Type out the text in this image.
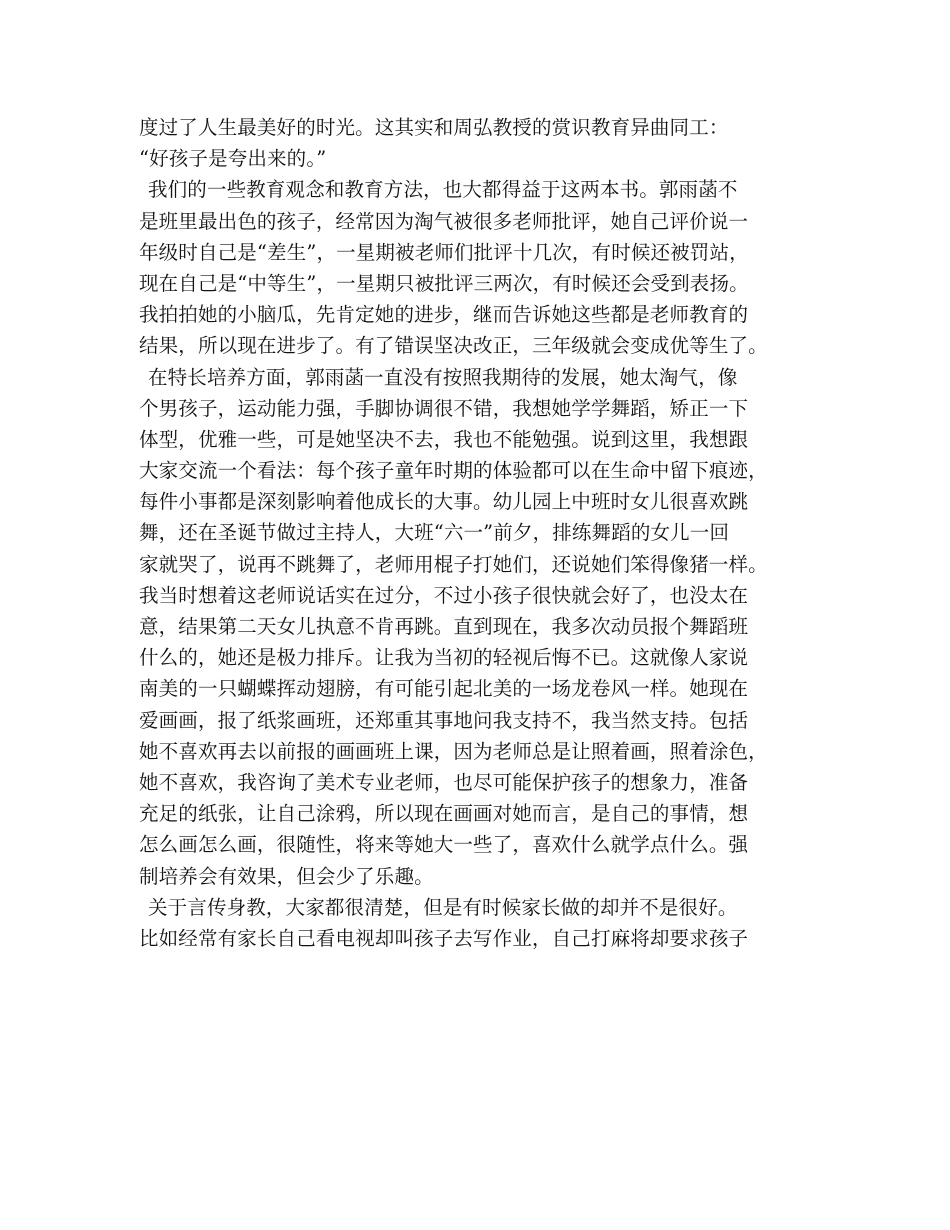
度过了人生最美好的时光。这其实和周弘教授的赏识教育异曲同工：
“好孩子是夸出来的。”
我们的一些教育观念和教育方法，也大都得益于这两本书。郭雨菡不
是班里最出色的孩子，经常因为淘气被很多老师批评，她自己评价说一
年级时自己是“差生”，一星期被老师们批评十几次，有时候还被罚站，
现在自己是“中等生”，一星期只被批评三两次，有时候还会受到表扬。
我拍拍她的小脑瓜，先肯定她的进步，继而告诉她这些都是老师教育的
结果，所以现在进步了。有了错误坚决改正，三年级就会变成优等生了。
在特长培养方面，郭雨菡一直没有按照我期待的发展，她太淘气，像
个男孩子，运动能力强，手脚协调很不错，我想她学学舞蹈，矫正一下
体型，优雅一些，可是她坚决不去，我也不能勉强。说到这里，我想跟
大家交流一个看法：每个孩子童年时期的体验都可以在生命中留下痕迹，
每件小事都是深刻影响着他成长的大事。幼儿园上中班时女儿很喜欢跳
舞，还在圣诞节做过主持人，大班“六一”前夕，排练舞蹈的女儿一回
家就哭了，说再不跳舞了，老师用棍子打她们，还说她们笨得像猪一样。
我当时想着这老师说话实在过分，不过小孩子很快就会好了，也没太在
意，结果第二天女儿执意不肯再跳。直到现在，我多次动员报个舞蹈班
什么的，她还是极力排斥。让我为当初的轻视后悔不已。这就像人家说
南美的一只蝴蝶挥动翅膀，有可能引起北美的一场龙卷风一样。她现在
爱画画，报了纸浆画班，还郑重其事地问我支持不，我当然支持。包括
她不喜欢再去以前报的画画班上课，因为老师总是让照着画，照着涂色，
她不喜欢，我咨询了美术专业老师，也尽可能保护孩子的想象力，准备
充足的纸张，让自己涂鸦，所以现在画画对她而言，是自己的事情，想
怎么画怎么画，很随性，将来等她大一些了，喜欢什么就学点什么。强
制培养会有效果，但会少了乐趣。
关于言传身教，大家都很清楚，但是有时候家长做的却并不是很好。
比如经常有家长自己看电视却叫孩子去写作业，自己打麻将却要求孩子
